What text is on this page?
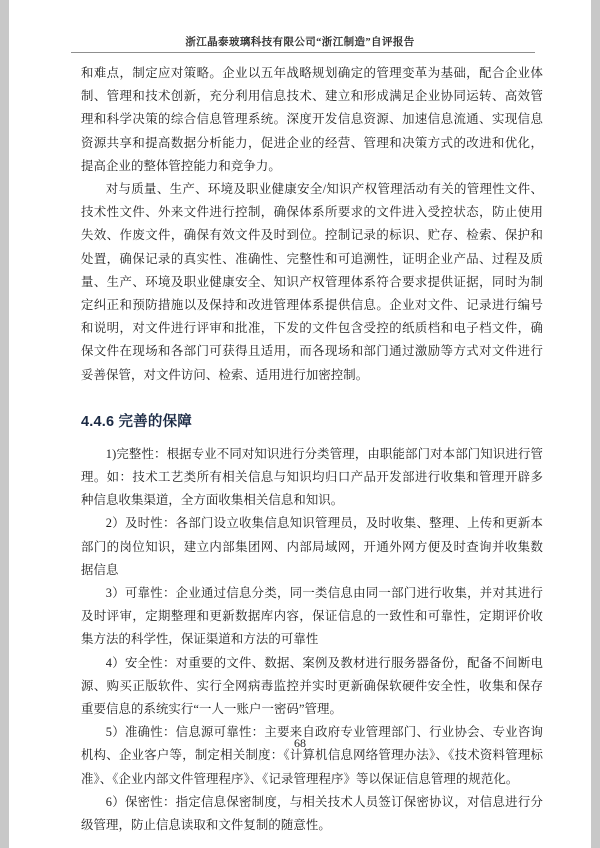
浙江晶泰玻璃科技有限公司“浙江制造”自评报告

和难点，制定应对策略。企业以五年战略规划确定的管理变革为基础，配合企业体制、管理和技术创新，充分利用信息技术、建立和形成满足企业协同运转、高效管理和科学决策的综合信息管理系统。深度开发信息资源、加速信息流通、实现信息资源共享和提高数据分析能力，促进企业的经营、管理和决策方式的改进和优化，提高企业的整体管控能力和竞争力。

对与质量、生产、环境及职业健康安全/知识产权管理活动有关的管理性文件、技术性文件、外来文件进行控制，确保体系所要求的文件进入受控状态，防止使用失效、作废文件，确保有效文件及时到位。控制记录的标识、贮存、检索、保护和处置，确保记录的真实性、准确性、完整性和可追溯性，证明企业产品、过程及质量、生产、环境及职业健康安全、知识产权管理体系符合要求提供证据，同时为制定纠正和预防措施以及保持和改进管理体系提供信息。企业对文件、记录进行编号和说明，对文件进行评审和批准，下发的文件包含受控的纸质档和电子档文件，确保文件在现场和各部门可获得且适用，而各现场和部门通过激励等方式对文件进行妥善保管，对文件访问、检索、适用进行加密控制。

4.4.6 完善的保障

1)完整性：根据专业不同对知识进行分类管理，由职能部门对本部门知识进行管理。如：技术工艺类所有相关信息与知识均归口产品开发部进行收集和管理开辟多种信息收集渠道，全方面收集相关信息和知识。

2）及时性：各部门设立收集信息知识管理员，及时收集、整理、上传和更新本部门的岗位知识，建立内部集团网、内部局域网，开通外网方便及时查询并收集数据信息

3）可靠性：企业通过信息分类，同一类信息由同一部门进行收集，并对其进行及时评审，定期整理和更新数据库内容，保证信息的一致性和可靠性，定期评价收集方法的科学性，保证渠道和方法的可靠性

4）安全性：对重要的文件、数据、案例及教材进行服务器备份，配备不间断电源、购买正版软件、实行全网病毒监控并实时更新确保软硬件安全性，收集和保存重要信息的系统实行“一人一账户一密码”管理。

5）准确性：信息源可靠性：主要来自政府专业管理部门、行业协会、专业咨询机构、企业客户等，制定相关制度：《计算机信息网络管理办法》、《技术资料管理标准》、《企业内部文件管理程序》、《记录管理程序》等以保证信息管理的规范化。

6）保密性：指定信息保密制度，与相关技术人员签订保密协议，对信息进行分级管理，防止信息读取和文件复制的随意性。

68
